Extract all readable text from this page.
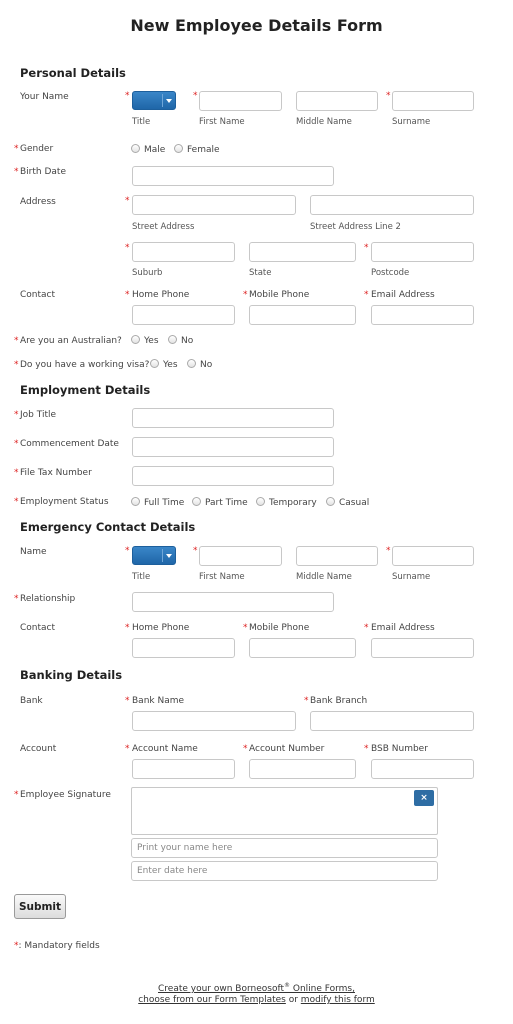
New Employee Details Form
Personal Details
Your Name	*	*	*
Title	First Name	Middle Name	Surname
* Gender	Male	Female
* Birth Date
Address	*
Street Address	Street Address Line 2
*	*
Suburb	State	Postcode
Contact	* Home Phone	* Mobile Phone	* Email Address
* Are you an Australian?	Yes	No
* Do you have a working visa?	Yes	No
Employment Details
* Job Title
* Commencement Date
* File Tax Number
* Employment Status	Full Time	Part Time	Temporary	Casual
Emergency Contact Details
Name	*	*	*
Title	First Name	Middle Name	Surname
* Relationship
Contact	* Home Phone	* Mobile Phone	* Email Address
Banking Details
Bank	* Bank Name	* Bank Branch
Account	* Account Name	* Account Number	* BSB Number
* Employee Signature	×
Print your name here
Enter date here
Submit
*: Mandatory fields
Create your own Borneosoft® Online Forms,
choose from our Form Templates or modify this form
